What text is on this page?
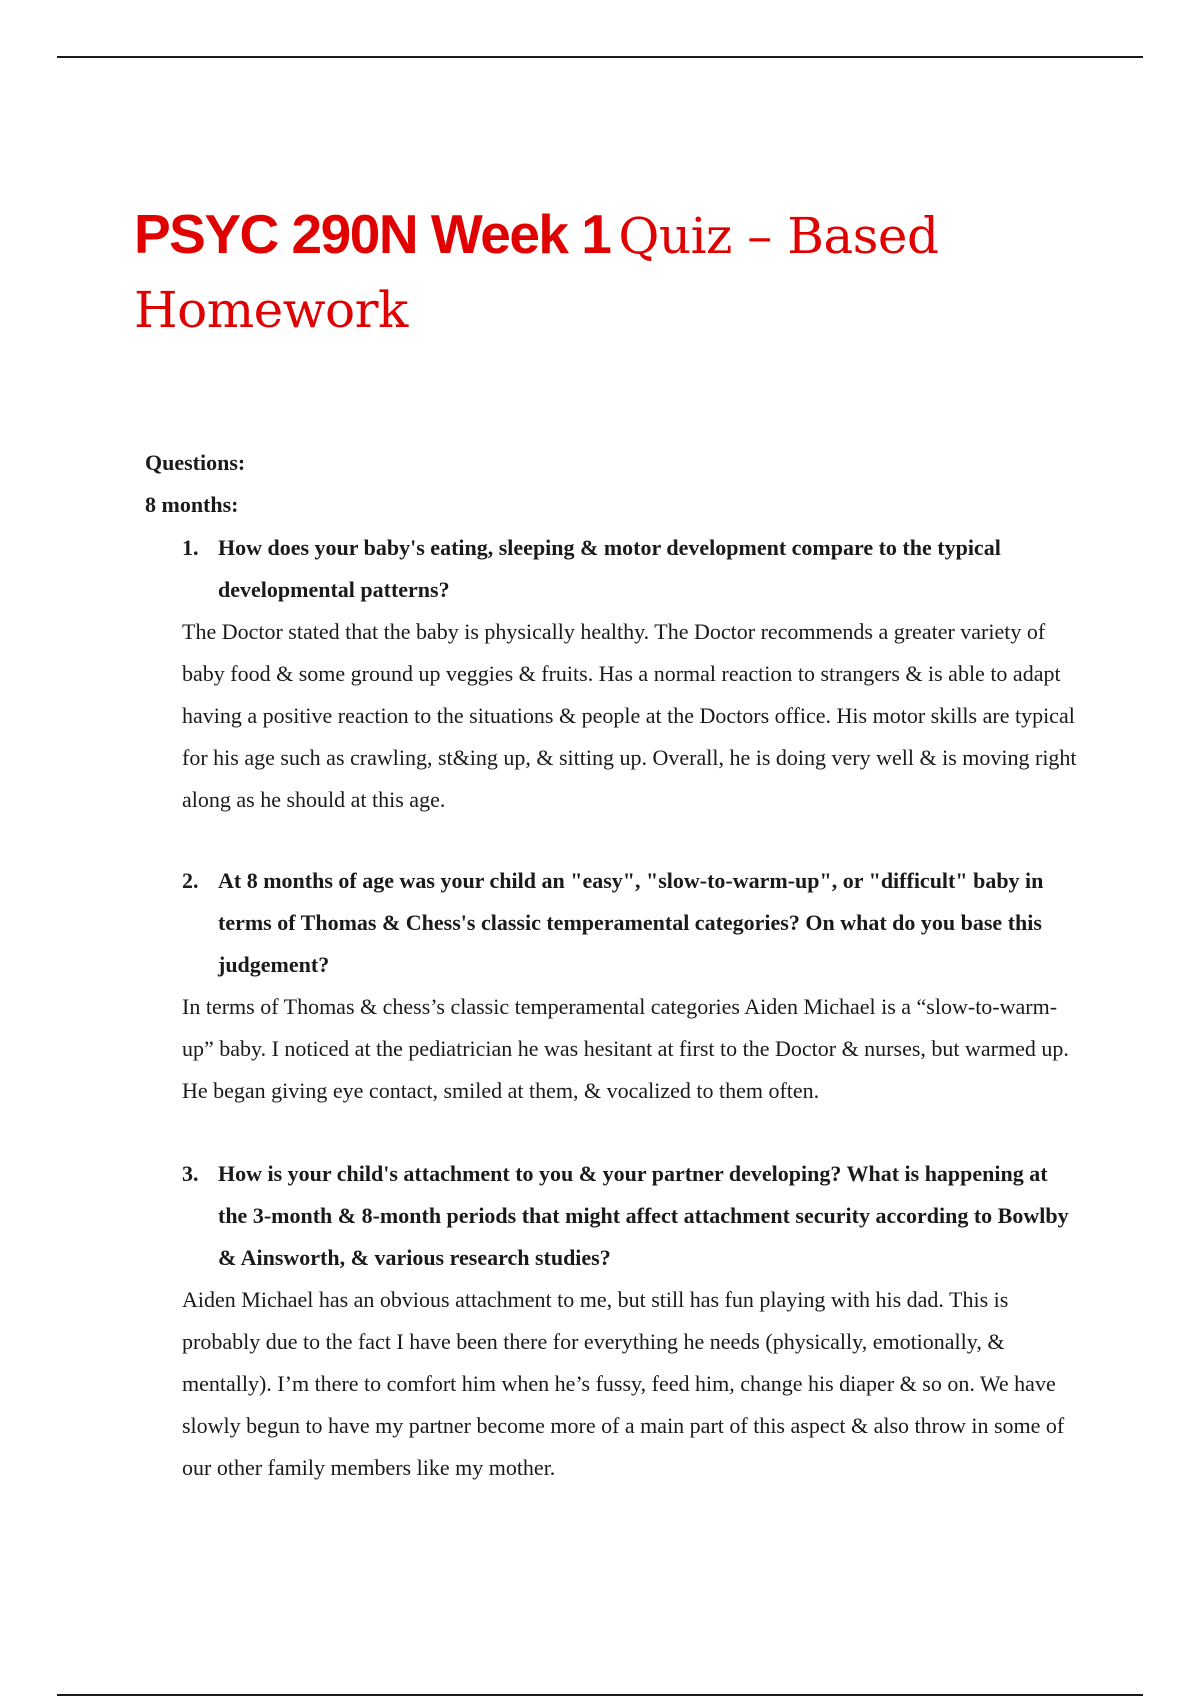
PSYC 290N Week 1 Quiz – Based Homework

Questions:

8 months:

1. How does your baby's eating, sleeping & motor development compare to the typical developmental patterns?

The Doctor stated that the baby is physically healthy. The Doctor recommends a greater variety of baby food & some ground up veggies & fruits. Has a normal reaction to strangers & is able to adapt having a positive reaction to the situations & people at the Doctors office. His motor skills are typical for his age such as crawling, st&ing up, & sitting up. Overall, he is doing very well & is moving right along as he should at this age.

2. At 8 months of age was your child an "easy", "slow-to-warm-up", or "difficult" baby in terms of Thomas & Chess's classic temperamental categories? On what do you base this judgement?

In terms of Thomas & chess’s classic temperamental categories Aiden Michael is a “slow-to-warm-up” baby. I noticed at the pediatrician he was hesitant at first to the Doctor & nurses, but warmed up. He began giving eye contact, smiled at them, & vocalized to them often.

3. How is your child's attachment to you & your partner developing? What is happening at the 3-month & 8-month periods that might affect attachment security according to Bowlby & Ainsworth, & various research studies?

Aiden Michael has an obvious attachment to me, but still has fun playing with his dad. This is probably due to the fact I have been there for everything he needs (physically, emotionally, & mentally). I’m there to comfort him when he’s fussy, feed him, change his diaper & so on. We have slowly begun to have my partner become more of a main part of this aspect & also throw in some of our other family members like my mother.
